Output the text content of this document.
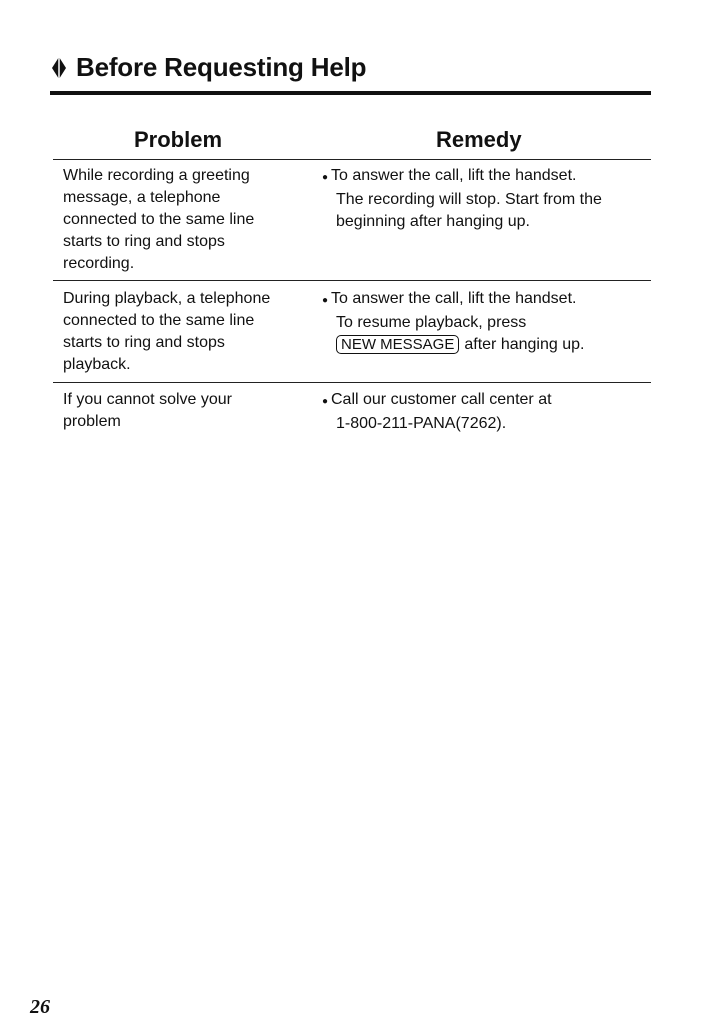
Before Requesting Help
Problem	Remedy
While recording a greeting
message, a telephone
connected to the same line
starts to ring and stops
recording.
● To answer the call, lift the handset.
The recording will stop. Start from the
beginning after hanging up.
During playback, a telephone
connected to the same line
starts to ring and stops
playback.
● To answer the call, lift the handset.
To resume playback, press
NEW MESSAGE after hanging up.
If you cannot solve your
problem
● Call our customer call center at
1-800-211-PANA(7262).
26
